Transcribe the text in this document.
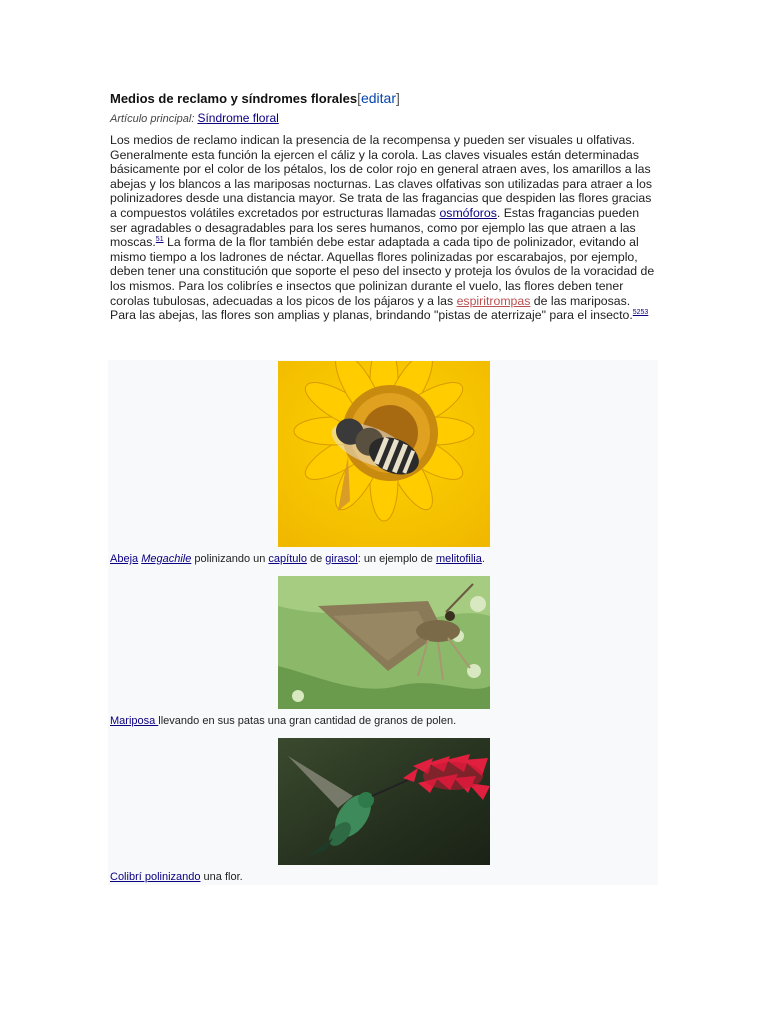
Medios de reclamo y síndromes florales[editar]
Artículo principal: Síndrome floral

Los medios de reclamo indican la presencia de la recompensa y pueden ser visuales u olfativas. Generalmente esta función la ejercen el cáliz y la corola. Las claves visuales están determinadas básicamente por el color de los pétalos, los de color rojo en general atraen aves, los amarillos a las abejas y los blancos a las mariposas nocturnas. Las claves olfativas son utilizadas para atraer a los polinizadores desde una distancia mayor. Se trata de las fragancias que despiden las flores gracias a compuestos volátiles excretados por estructuras llamadas osmóforos. Estas fragancias pueden ser agradables o desagradables para los seres humanos, como por ejemplo las que atraen a las moscas.$^{51}$ La forma de la flor también debe estar adaptada a cada tipo de polinizador, evitando al mismo tiempo a los ladrones de néctar. Aquellas flores polinizadas por escarabajos, por ejemplo, deben tener una constitución que soporte el peso del insecto y proteja los óvulos de la voracidad de los mismos. Para los colibríes e insectos que polinizan durante el vuelo, las flores deben tener corolas tubulosas, adecuadas a los picos de los pájaros y a las espiritrompas de las mariposas. Para las abejas, las flores son amplias y planas, brindando "pistas de aterrizaje" para el insecto.$^{5253}$

Abeja Megachile polinizando un capítulo de girasol: un ejemplo de melitofilia.
Mariposa llevando en sus patas una gran cantidad de granos de polen.
Colibrí polinizando una flor.
